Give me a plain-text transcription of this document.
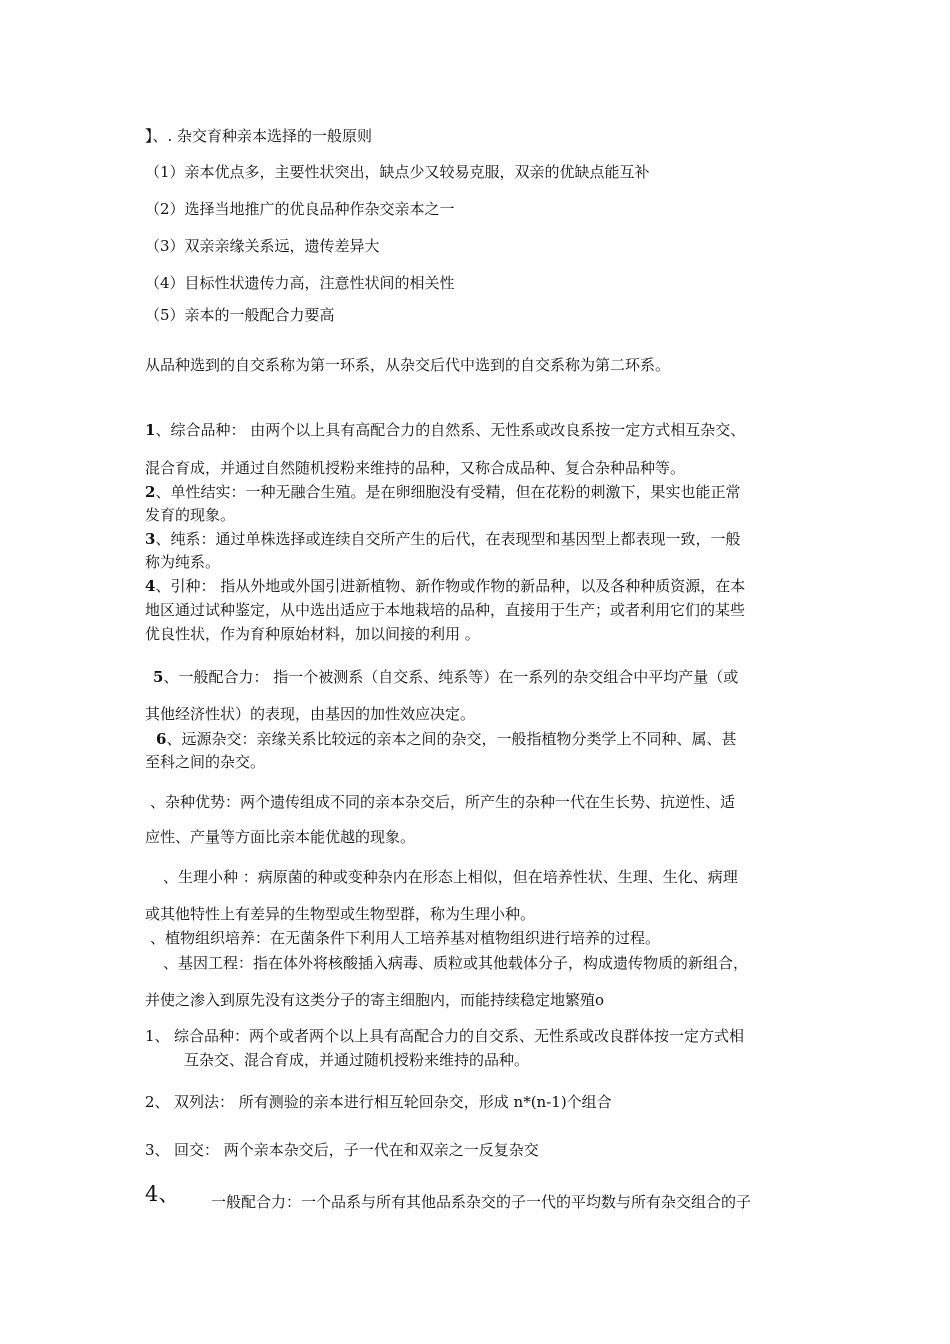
】、. 杂交育种亲本选择的一般原则
（1）亲本优点多，主要性状突出，缺点少又较易克服，双亲的优缺点能互补
（2）选择当地推广的优良品种作杂交亲本之一
（3）双亲亲缘关系远，遗传差异大
（4）目标性状遗传力高，注意性状间的相关性
（5）亲本的一般配合力要高
从品种选到的自交系称为第一环系，从杂交后代中选到的自交系称为第二环系。
1、综合品种： 由两个以上具有高配合力的自然系、无性系或改良系按一定方式相互杂交、
混合育成，并通过自然随机授粉来维持的品种，又称合成品种、复合杂种品种等。
2、单性结实：一种无融合生殖。是在卵细胞没有受精，但在花粉的刺激下，果实也能正常
发育的现象。
3、纯系：通过单株选择或连续自交所产生的后代，在表现型和基因型上都表现一致，一般
称为纯系。
4、引种： 指从外地或外国引进新植物、新作物或作物的新品种，以及各种种质资源，在本
地区通过试种鉴定，从中选出适应于本地栽培的品种，直接用于生产；或者利用它们的某些
优良性状，作为育种原始材料，加以间接的利用 。
5、一般配合力： 指一个被测系（自交系、纯系等）在一系列的杂交组合中平均产量（或
其他经济性状）的表现，由基因的加性效应决定。
6、远源杂交：亲缘关系比较远的亲本之间的杂交，一般指植物分类学上不同种、属、甚
至科之间的杂交。
、杂种优势：两个遗传组成不同的亲本杂交后，所产生的杂种一代在生长势、抗逆性、适
应性、产量等方面比亲本能优越的现象。
、生理小种 ：病原菌的种或变种杂内在形态上相似，但在培养性状、生理、生化、病理
或其他特性上有差异的生物型或生物型群，称为生理小种。
、植物组织培养：在无菌条件下利用人工培养基对植物组织进行培养的过程。
、基因工程：指在体外将核酸插入病毒、质粒或其他载体分子，构成遗传物质的新组合，
并使之渗入到原先没有这类分子的寄主细胞内，而能持续稳定地繁殖o
1、 综合品种：两个或者两个以上具有高配合力的自交系、无性系或改良群体按一定方式相
互杂交、混合育成，并通过随机授粉来维持的品种。
2、 双列法： 所有测验的亲本进行相互轮回杂交，形成 n*(n-1)个组合
3、 回交： 两个亲本杂交后，子一代在和双亲之一反复杂交
4、 一般配合力：一个品系与所有其他品系杂交的子一代的平均数与所有杂交组合的子
